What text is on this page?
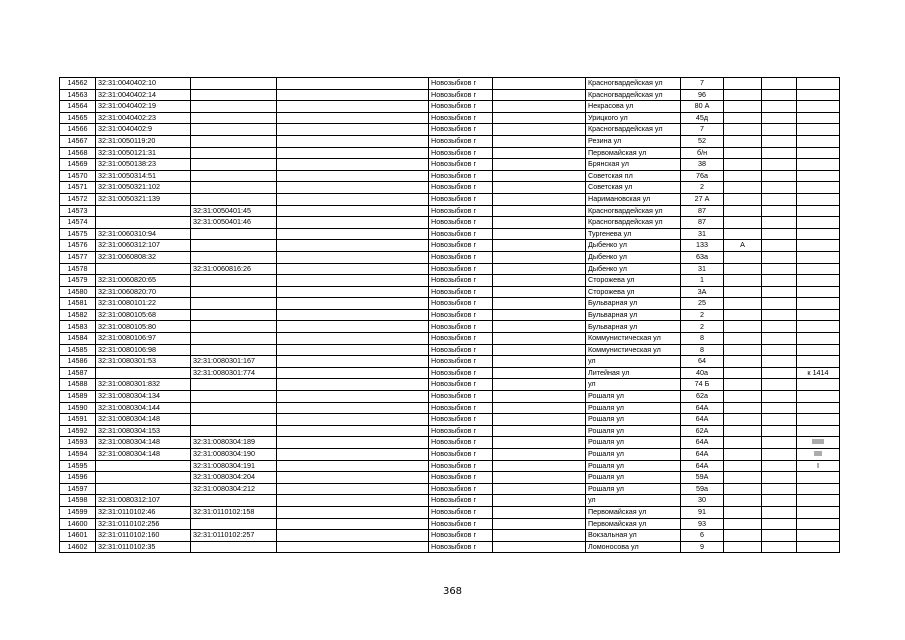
14562	32:31:0040402:10			Новозыбков г		Красногвардейская ул	7			
14563	32:31:0040402:14			Новозыбков г		Красногвардейская ул	96			
14564	32:31:0040402:19			Новозыбков г		Некрасова ул	80 А			
14565	32:31:0040402:23			Новозыбков г		Урицкого ул	45д			
14566	32:31:0040402:9			Новозыбков г		Красногвардейская ул	7			
14567	32:31:0050119:20			Новозыбков г		Резина ул	52			
14568	32:31:0050121:31			Новозыбков г		Первомайская ул	б/н			
14569	32:31:0050138:23			Новозыбков г		Брянская ул	38			
14570	32:31:0050314:51			Новозыбков г		Советская пл	76а			
14571	32:31:0050321:102			Новозыбков г		Советская ул	2			
14572	32:31:0050321:139			Новозыбков г		Наримановская ул	27 А			
14573		32:31:0050401:45		Новозыбков г		Красногвардейская ул	87			
14574		32:31:0050401:46		Новозыбков г		Красногвардейская ул	87			
14575	32:31:0060310:94			Новозыбков г		Тургенева ул	31			
14576	32:31:0060312:107			Новозыбков г		Дыбенко ул	133	А		
14577	32:31:0060808:32			Новозыбков г		Дыбенко ул	63а			
14578		32:31:0060816:26		Новозыбков г		Дыбенко ул	31			
14579	32:31:0060820:65			Новозыбков г		Сторожева ул	1			
14580	32:31:0060820:70			Новозыбков г		Сторожева ул	3А			
14581	32:31:0080101:22			Новозыбков г		Бульварная ул	25			
14582	32:31:0080105:68			Новозыбков г		Бульварная ул	2			
14583	32:31:0080105:80			Новозыбков г		Бульварная ул	2			
14584	32:31:0080106:97			Новозыбков г		Коммунистическая ул	8			
14585	32:31:0080106:98			Новозыбков г		Коммунистическая ул	8			
14586	32:31:0080301:53	32:31:0080301:167		Новозыбков г		ул	64			
14587		32:31:0080301:774		Новозыбков г		Литейная ул	40а			к 1414
14588	32:31:0080301:832			Новозыбков г		ул	74 Б			
14589	32:31:0080304:134			Новозыбков г		Рошаля ул	62а			
14590	32:31:0080304:144			Новозыбков г		Рошаля ул	64А			
14591	32:31:0080304:148			Новозыбков г		Рошаля ул	64А			
14592	32:31:0080304:153			Новозыбков г		Рошаля ул	62А			
14593	32:31:0080304:148	32:31:0080304:189		Новозыбков г		Рошаля ул	64А			IIIIII
14594	32:31:0080304:148	32:31:0080304:190		Новозыбков г		Рошаля ул	64А			IIII
14595		32:31:0080304:191		Новозыбков г		Рошаля ул	64А			I
14596		32:31:0080304:204		Новозыбков г		Рошаля ул	59А			
14597		32:31:0080304:212		Новозыбков г		Рошаля ул	59а			
14598	32:31:0080312:107			Новозыбков г		ул	30			
14599	32:31:0110102:46	32:31:0110102:158		Новозыбков г		Первомайская ул	91			
14600	32:31:0110102:256			Новозыбков г		Первомайская ул	93			
14601	32:31:0110102:160	32:31:0110102:257		Новозыбков г		Вокзальная ул	6			
14602	32:31:0110102:35			Новозыбков г		Ломоносова ул	9			
368
